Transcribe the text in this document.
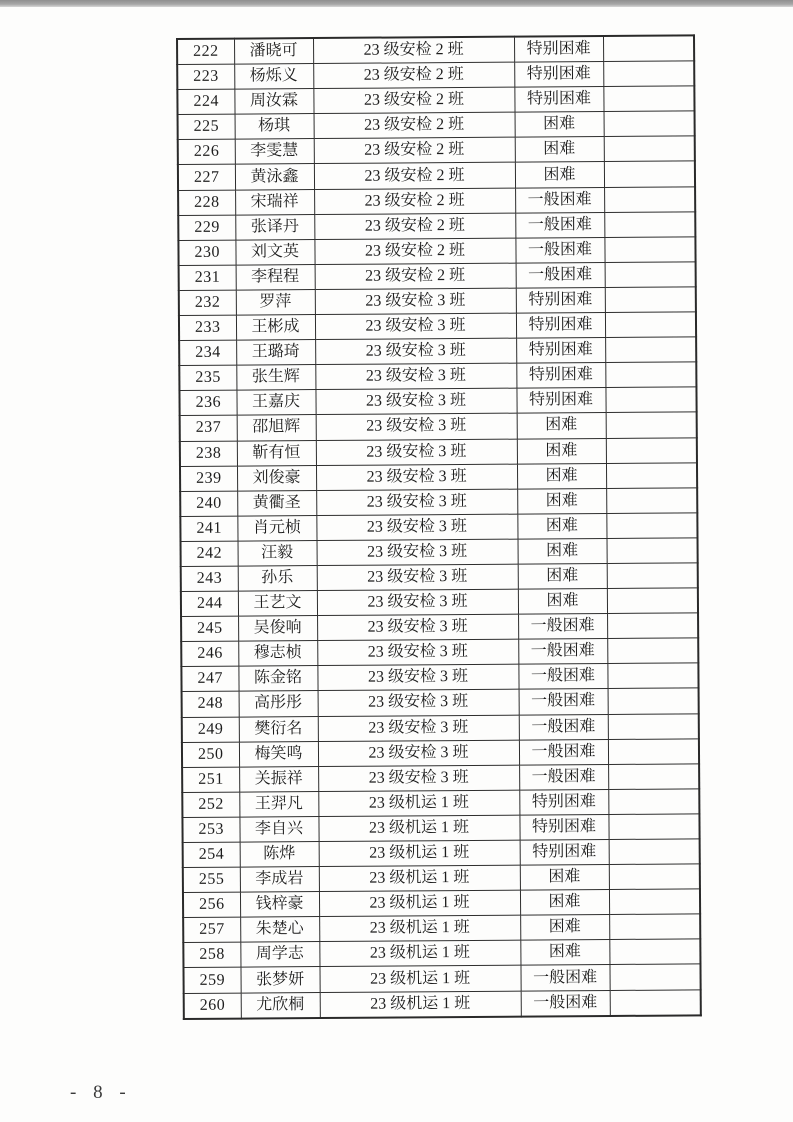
222	潘晓可	23 级安检 2 班	特别困难	
223	杨烁义	23 级安检 2 班	特别困难	
224	周汝霖	23 级安检 2 班	特别困难	
225	杨琪	23 级安检 2 班	困难	
226	李雯慧	23 级安检 2 班	困难	
227	黄泳鑫	23 级安检 2 班	困难	
228	宋瑞祥	23 级安检 2 班	一般困难	
229	张译丹	23 级安检 2 班	一般困难	
230	刘文英	23 级安检 2 班	一般困难	
231	李程程	23 级安检 2 班	一般困难	
232	罗萍	23 级安检 3 班	特别困难	
233	王彬成	23 级安检 3 班	特别困难	
234	王璐琦	23 级安检 3 班	特别困难	
235	张生辉	23 级安检 3 班	特别困难	
236	王嘉庆	23 级安检 3 班	特别困难	
237	邵旭辉	23 级安检 3 班	困难	
238	靳有恒	23 级安检 3 班	困难	
239	刘俊豪	23 级安检 3 班	困难	
240	黄衢圣	23 级安检 3 班	困难	
241	肖元桢	23 级安检 3 班	困难	
242	汪毅	23 级安检 3 班	困难	
243	孙乐	23 级安检 3 班	困难	
244	王艺文	23 级安检 3 班	困难	
245	吴俊响	23 级安检 3 班	一般困难	
246	穆志桢	23 级安检 3 班	一般困难	
247	陈金铭	23 级安检 3 班	一般困难	
248	高彤彤	23 级安检 3 班	一般困难	
249	樊衍名	23 级安检 3 班	一般困难	
250	梅笑鸣	23 级安检 3 班	一般困难	
251	关振祥	23 级安检 3 班	一般困难	
252	王羿凡	23 级机运 1 班	特别困难	
253	李自兴	23 级机运 1 班	特别困难	
254	陈烨	23 级机运 1 班	特别困难	
255	李成岩	23 级机运 1 班	困难	
256	钱梓豪	23 级机运 1 班	困难	
257	朱楚心	23 级机运 1 班	困难	
258	周学志	23 级机运 1 班	困难	
259	张梦妍	23 级机运 1 班	一般困难	
260	尤欣桐	23 级机运 1 班	一般困难	
- 8 -
